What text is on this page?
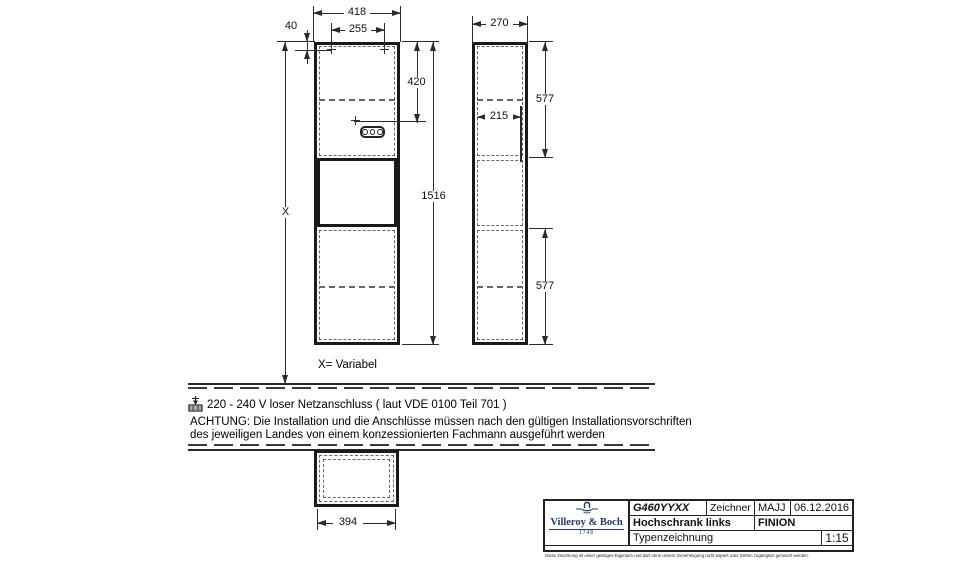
418
255
40
420
1516
X
270
577
215
577
X= Variabel
220 - 240 V loser Netzanschluss ( laut VDE 0100 Teil 701 )
ACHTUNG: Die Installation und die Anschlüsse müssen nach den gültigen Installationsvorschriften
des jeweiligen Landes von einem konzessionierten Fachmann ausgeführt werden
394	Villeroy & Boch
1748
G460YYXX	Zeichner MAJJ 06.12.2016
Hochschrank links	FINION
Typenzeichnung	1:15
Diese Zeichnung ist unser geistiges Eigentum und darf ohne unsere Genehmigung nicht kopiert oder Dritten zugänglich gemacht werden.
